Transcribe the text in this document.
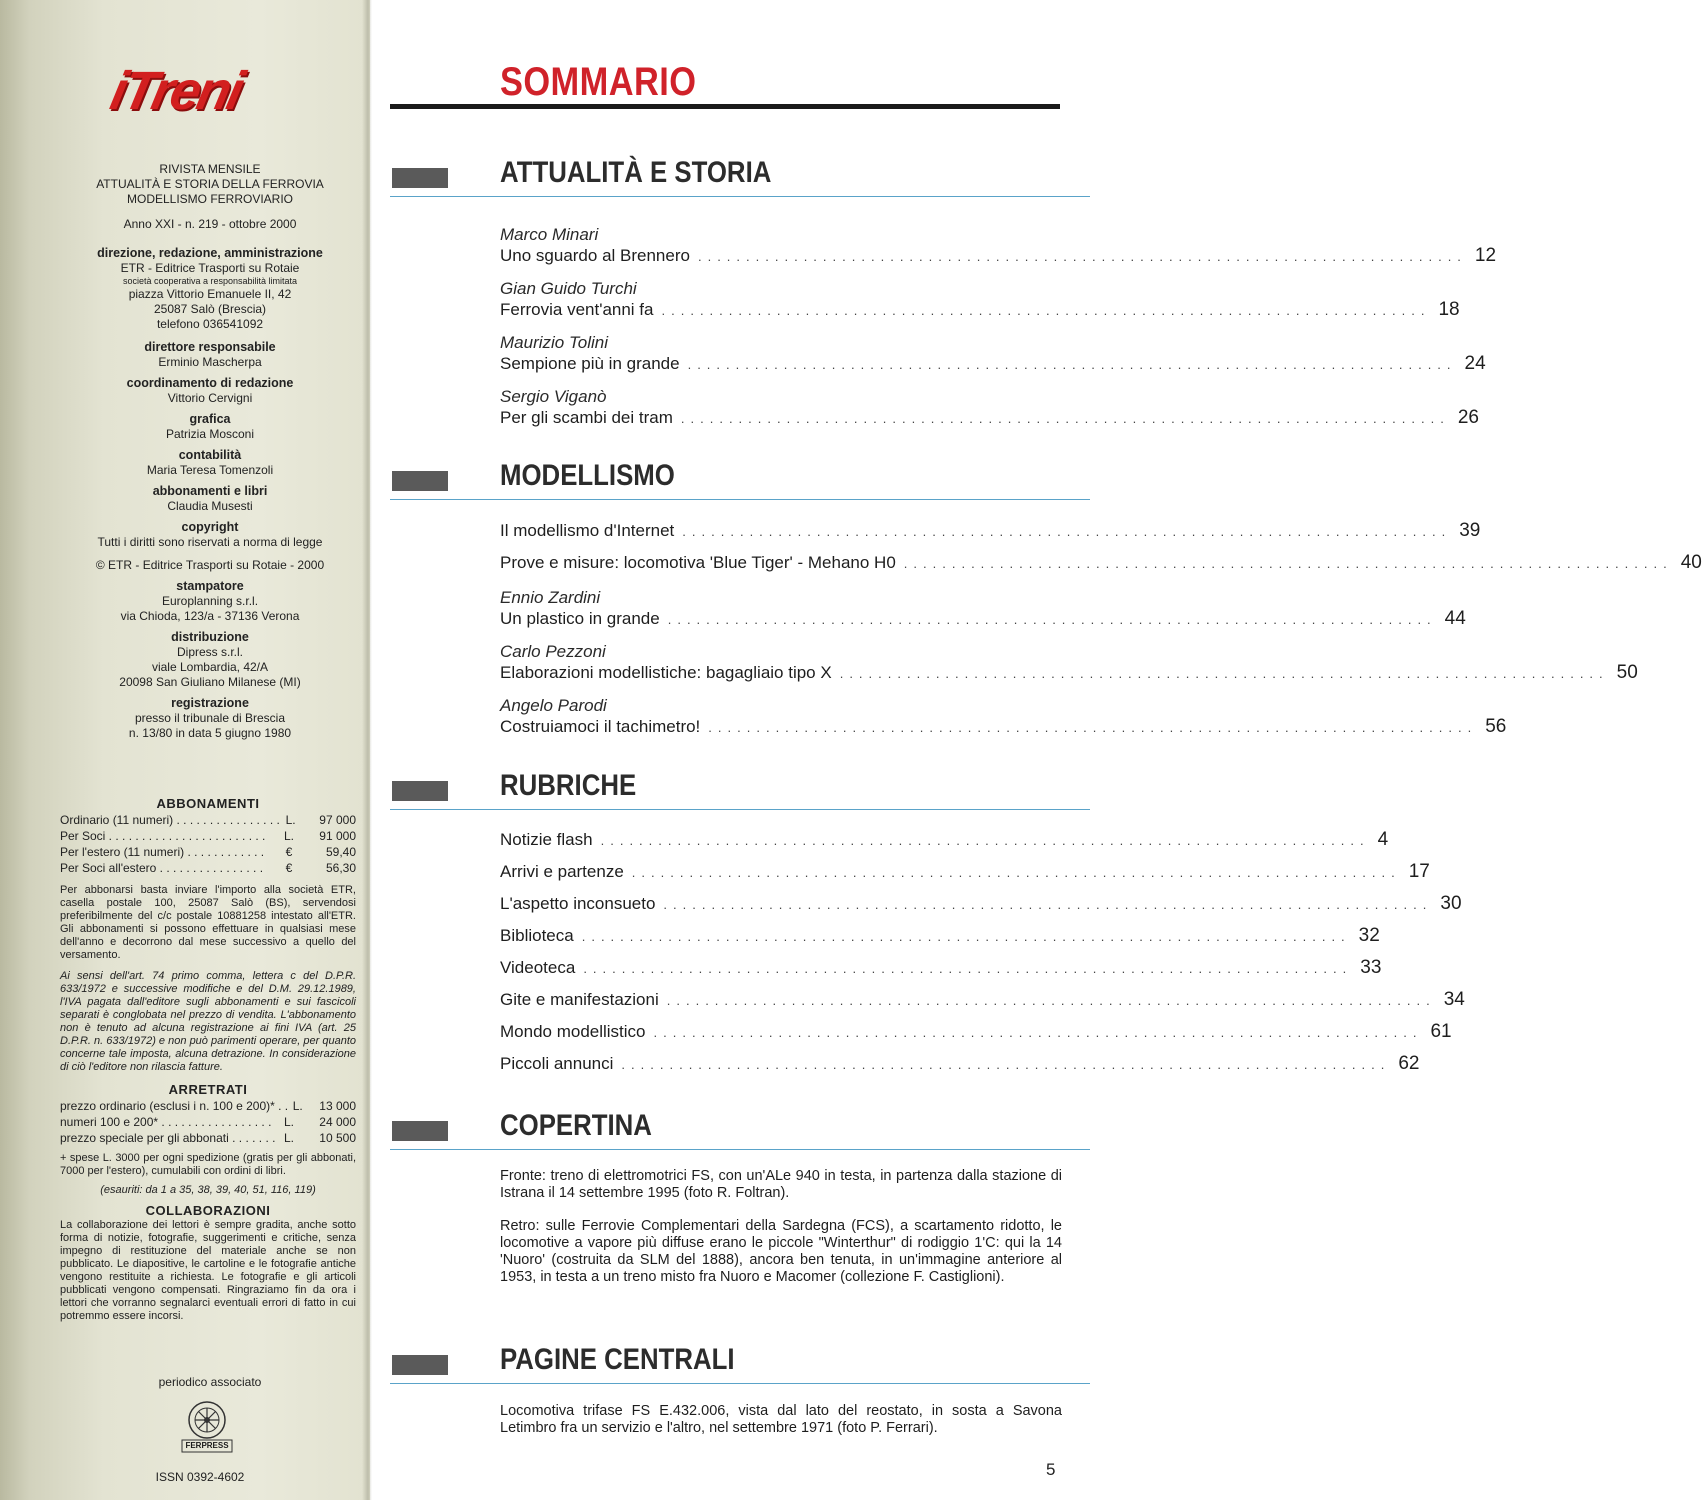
iTreni
RIVISTA MENSILE
ATTUALITÀ E STORIA DELLA FERROVIA
MODELLISMO FERROVIARIO
Anno XXI - n. 219 - ottobre 2000
direzione, redazione, amministrazione
ETR - Editrice Trasporti su Rotaie
società cooperativa a responsabilità limitata
piazza Vittorio Emanuele II, 42
25087 Salò (Brescia)
telefono 036541092
direttore responsabile
Erminio Mascherpa
coordinamento di redazione
Vittorio Cervigni
grafica
Patrizia Mosconi
contabilità
Maria Teresa Tomenzoli
abbonamenti e libri
Claudia Musesti
copyright
Tutti i diritti sono riservati a norma di legge
© ETR - Editrice Trasporti su Rotaie - 2000
stampatore
Europlanning s.r.l.
via Chioda, 123/a - 37136 Verona
distribuzione
Dipress s.r.l.
viale Lombardia, 42/A
20098 San Giuliano Milanese (MI)
registrazione
presso il tribunale di Brescia
n. 13/80 in data 5 giugno 1980
ABBONAMENTI
Ordinario (11 numeri) . . . . . . . . . . . . . . . . L.	97 000
Per Soci . . . . . . . . . . . . . . . . . . . . . . . .	L.	91 000
Per l'estero (11 numeri) . . . . . . . . . . . .	€	59,40
Per Soci all'estero . . . . . . . . . . . . . . . .	€	56,30

Per abbonarsi basta inviare l'importo alla società ETR, casella postale 100, 25087 Salò (BS), servendosi preferibilmente del c/c postale 10881258 intestato all'ETR. Gli abbonamenti si possono effettuare in qualsiasi mese dell'anno e decorrono dal mese successivo a quello del versamento.

Ai sensi dell'art. 74 primo comma, lettera c del D.P.R. 633/1972 e successive modifiche e del D.M. 29.12.1989, l'IVA pagata dall'editore sugli abbonamenti e sui fascicoli separati è conglobata nel prezzo di vendita. L'abbonamento non è tenuto ad alcuna registrazione ai fini IVA (art. 25 D.P.R. n. 633/1972) e non può parimenti operare, per quanto concerne tale imposta, alcuna detrazione. In considerazione di ciò l'editore non rilascia fatture.

ARRETRATI
prezzo ordinario (esclusi i n. 100 e 200)* . . L.	13 000
numeri 100 e 200* . . . . . . . . . . . . . . . . .	L.	24 000
prezzo speciale per gli abbonati . . . . . . . L.	10 500

+ spese L. 3000 per ogni spedizione (gratis per gli abbonati, 7000 per l'estero), cumulabili con ordini di libri.

(esauriti: da 1 a 35, 38, 39, 40, 51, 116, 119)

COLLABORAZIONI

La collaborazione dei lettori è sempre gradita, anche sotto forma di notizie, fotografie, suggerimenti e critiche, senza impegno di restituzione del materiale anche se non pubblicato. Le diapositive, le cartoline e le fotografie antiche vengono restituite a richiesta. Le fotografie e gli articoli pubblicati vengono compensati. Ringraziamo fin da ora i lettori che vorranno segnalarci eventuali errori di fatto in cui potremmo essere incorsi.

periodico associato
FERPRESS
ISSN 0392-4602
SOMMARIO
ATTUALITÀ E STORIA
Marco Minari
Uno sguardo al Brennero ................................................................................ 12
Gian Guido Turchi
Ferrovia vent'anni fa ................................................................................ 18
Maurizio Tolini
Sempione più in grande ................................................................................ 24
Sergio Viganò
Per gli scambi dei tram ................................................................................ 26
MODELLISMO
Il modellismo d'Internet ................................................................................ 39
Prove e misure: locomotiva 'Blue Tiger' - Mehano H0 ................................................................................ 40
Ennio Zardini
Un plastico in grande ................................................................................ 44
Carlo Pezzoni
Elaborazioni modellistiche: bagagliaio tipo X ................................................................................ 50
Angelo Parodi
Costruiamoci il tachimetro! ................................................................................ 56
RUBRICHE
Notizie flash ................................................................................ 4
Arrivi e partenze ................................................................................ 17
L'aspetto inconsueto ................................................................................ 30
Biblioteca ................................................................................ 32
Videoteca ................................................................................ 33
Gite e manifestazioni ................................................................................ 34
Mondo modellistico ................................................................................ 61
Piccoli annunci ................................................................................ 62
COPERTINA
Fronte: treno di elettromotrici FS, con un'ALe 940 in testa, in partenza dalla stazione di Istrana il 14 settembre 1995 (foto R. Foltran).
Retro: sulle Ferrovie Complementari della Sardegna (FCS), a scartamento ridotto, le locomotive a vapore più diffuse erano le piccole "Winterthur" di rodiggio 1'C: qui la 14 'Nuoro' (costruita da SLM del 1888), ancora ben tenuta, in un'immagine anteriore al 1953, in testa a un treno misto fra Nuoro e Macomer (collezione F. Castiglioni).
PAGINE CENTRALI
Locomotiva trifase FS E.432.006, vista dal lato del reostato, in sosta a Savona Letimbro fra un servizio e l'altro, nel settembre 1971 (foto P. Ferrari).
5
